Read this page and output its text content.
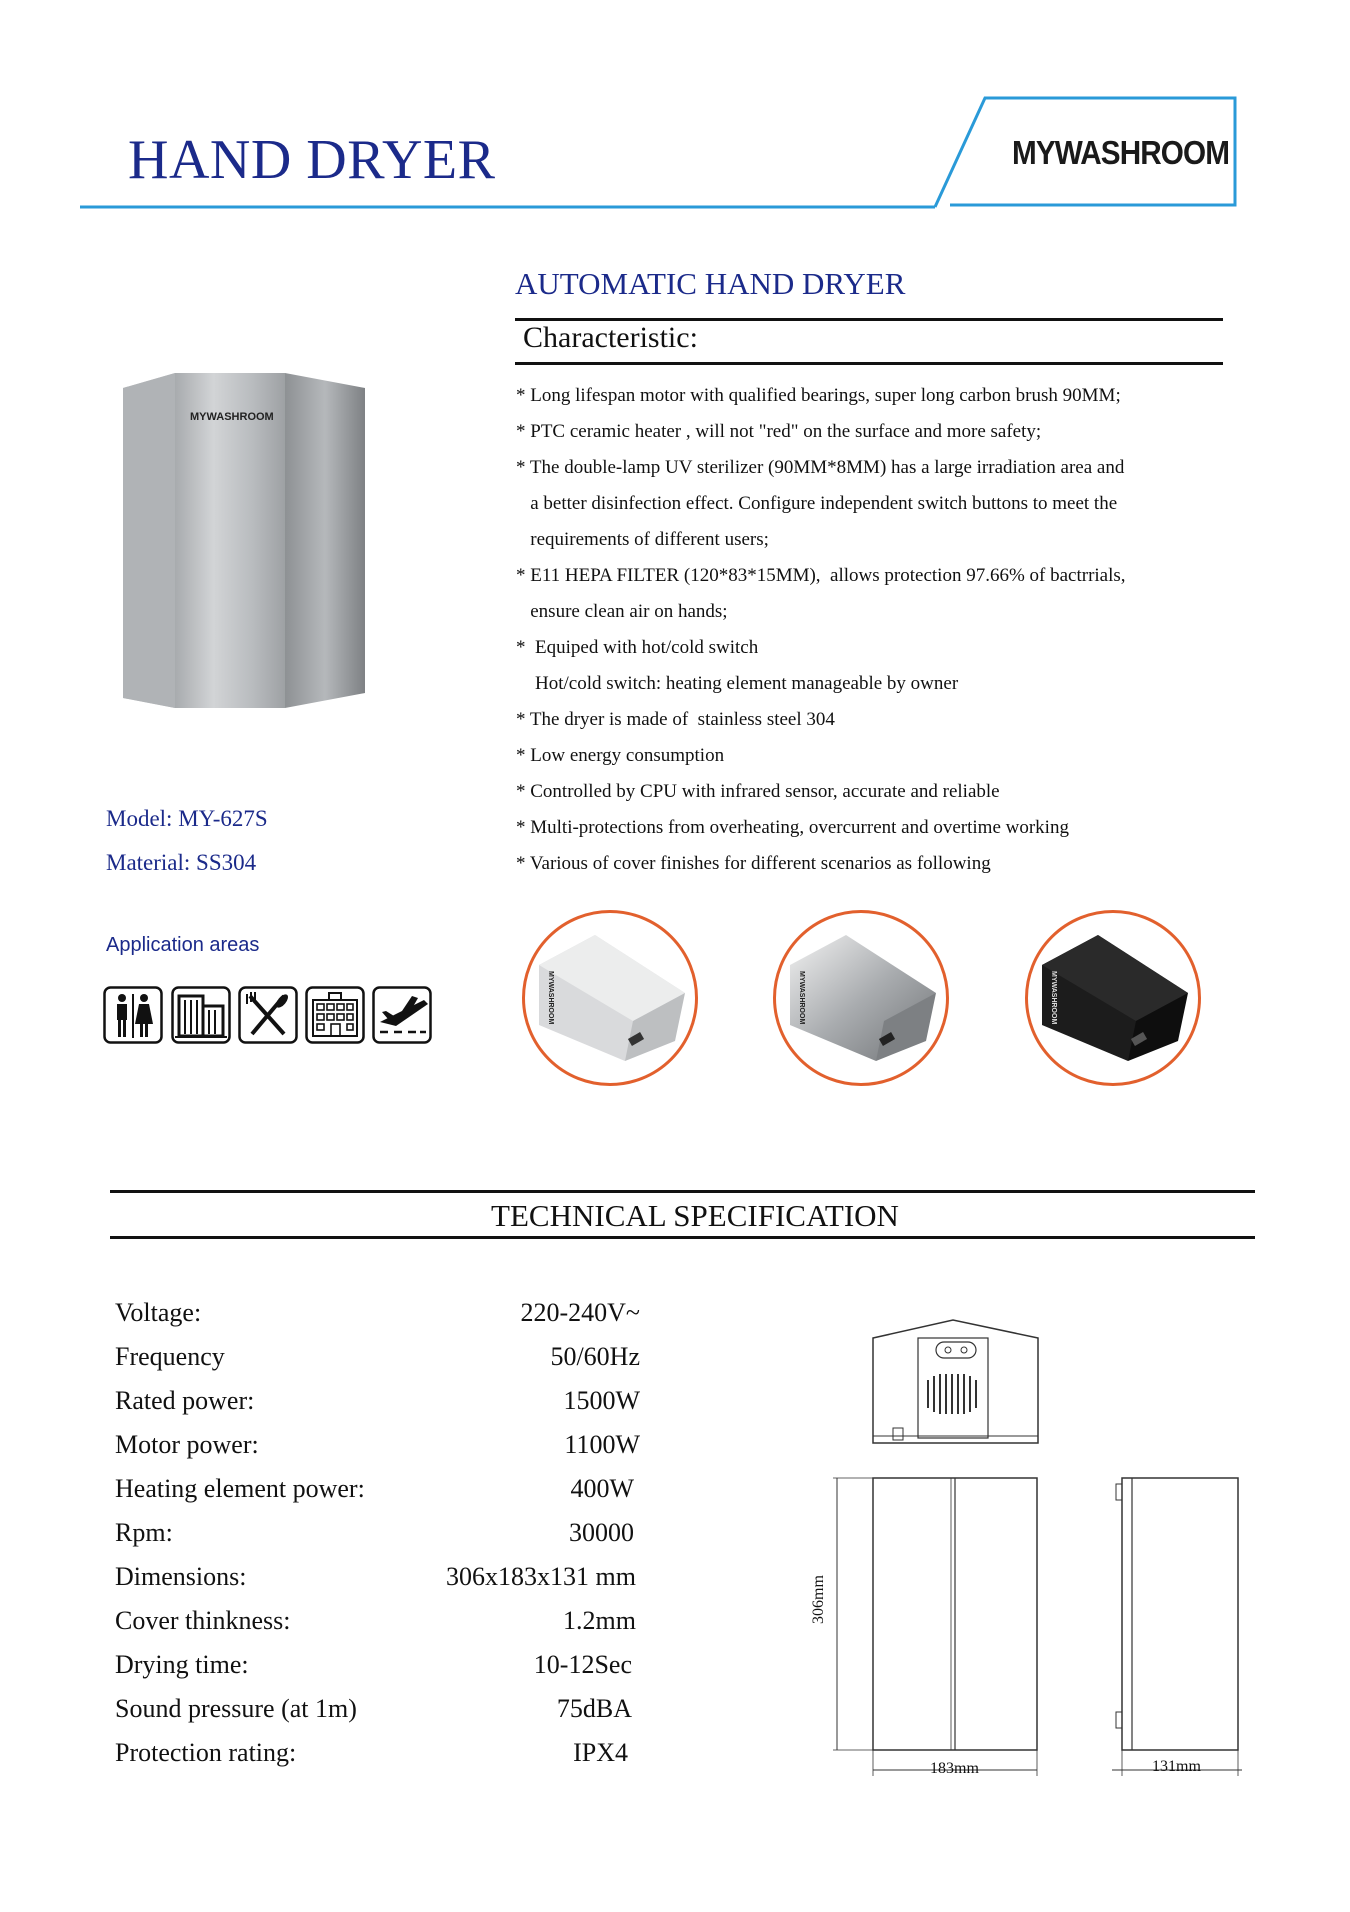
HAND DRYER	MYWASHROOM
AUTOMATIC HAND DRYER
Characteristic:
* Long lifespan motor with qualified bearings, super long carbon brush 90MM;
* PTC ceramic heater , will not "red" on the surface and more safety;
* The double-lamp UV sterilizer (90MM*8MM) has a large irradiation area and
a better disinfection effect. Configure independent switch buttons to meet the
requirements of different users;
* E11 HEPA FILTER (120*83*15MM),  allows protection 97.66% of bactrrials,
ensure clean air on hands;
*  Equiped with hot/cold switch
Hot/cold switch: heating element manageable by owner
* The dryer is made of  stainless steel 304
* Low energy consumption
* Controlled by CPU with infrared sensor, accurate and reliable
* Multi-protections from overheating, overcurrent and overtime working
* Various of cover finishes for different scenarios as following
MYWASHROOM
Model: MY-627S
Material: SS304
Application areas
MYWASHROOM	MYWASHROOM	MYWASHROOM
TECHNICAL SPECIFICATION
Voltage:	220-240V~
Frequency	50/60Hz
Rated power:	1500W
Motor power:	1100W
Heating element power:	400W
Rpm:	30000
Dimensions:	306x183x131 mm
Cover thinkness:	1.2mm
Drying time:	10-12Sec
Sound pressure (at 1m)	75dBA
Protection rating:	IPX4
306mm
183mm	131mm
